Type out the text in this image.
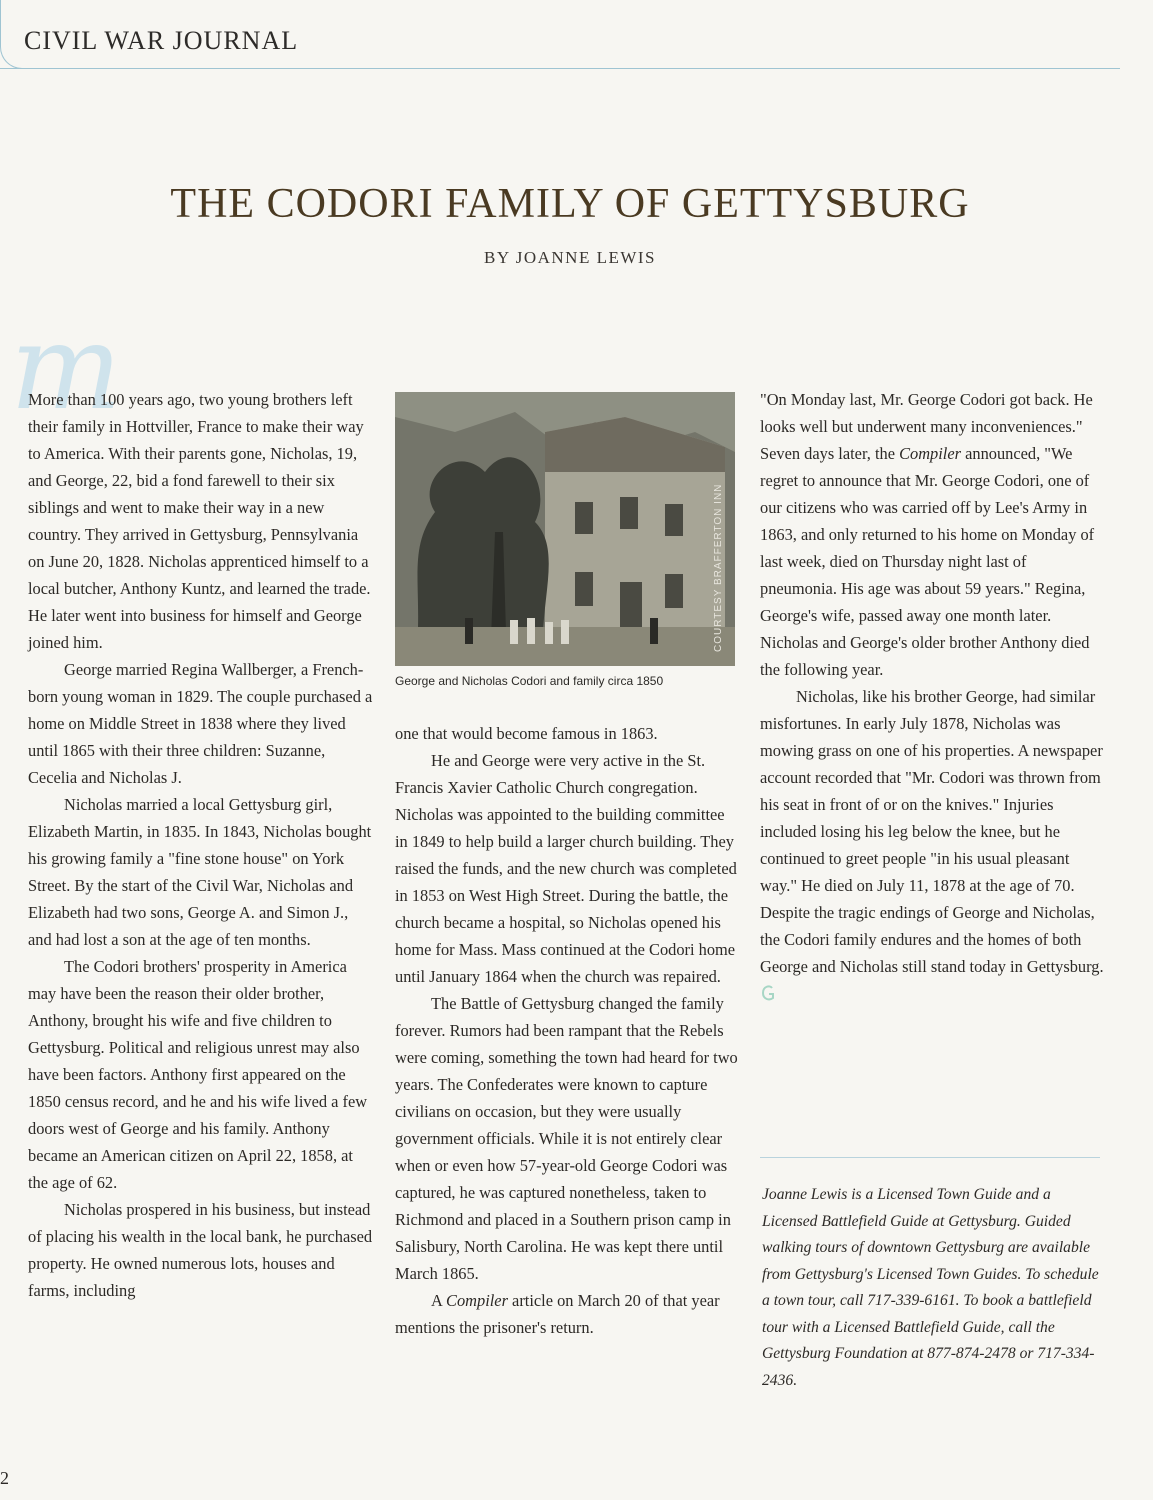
CIVIL WAR JOURNAL
THE CODORI FAMILY OF GETTYSBURG
BY JOANNE LEWIS
m

More than 100 years ago, two young brothers left their family in Hottviller, France to make their way to America. With their parents gone, Nicholas, 19, and George, 22, bid a fond farewell to their six siblings and went to make their way in a new country. They arrived in Gettysburg, Pennsylvania on June 20, 1828. Nicholas apprenticed himself to a local butcher, Anthony Kuntz, and learned the trade. He later went into business for himself and George joined him.

George married Regina Wallberger, a French-born young woman in 1829. The couple purchased a home on Middle Street in 1838 where they lived until 1865 with their three children: Suzanne, Cecelia and Nicholas J.

Nicholas married a local Gettysburg girl, Elizabeth Martin, in 1835. In 1843, Nicholas bought his growing family a "fine stone house" on York Street. By the start of the Civil War, Nicholas and Elizabeth had two sons, George A. and Simon J., and had lost a son at the age of ten months.

The Codori brothers' prosperity in America may have been the reason their older brother, Anthony, brought his wife and five children to Gettysburg. Political and religious unrest may also have been factors. Anthony first appeared on the 1850 census record, and he and his wife lived a few doors west of George and his family. Anthony became an American citizen on April 22, 1858, at the age of 62.

Nicholas prospered in his business, but instead of placing his wealth in the local bank, he purchased property. He owned numerous lots, houses and farms, including

COURTESY BRAFFERTON INN
George and Nicholas Codori and family circa 1850

one that would become famous in 1863.

He and George were very active in the St. Francis Xavier Catholic Church congregation. Nicholas was appointed to the building committee in 1849 to help build a larger church building. They raised the funds, and the new church was completed in 1853 on West High Street. During the battle, the church became a hospital, so Nicholas opened his home for Mass. Mass continued at the Codori home until January 1864 when the church was repaired.

The Battle of Gettysburg changed the family forever. Rumors had been rampant that the Rebels were coming, something the town had heard for two years. The Confederates were known to capture civilians on occasion, but they were usually government officials. While it is not entirely clear when or even how 57-year-old George Codori was captured, he was captured nonetheless, taken to Richmond and placed in a Southern prison camp in Salisbury, North Carolina. He was kept there until March 1865.

A Compiler article on March 20 of that year mentions the prisoner's return.

"On Monday last, Mr. George Codori got back. He looks well but underwent many inconveniences." Seven days later, the Compiler announced, "We regret to announce that Mr. George Codori, one of our citizens who was carried off by Lee's Army in 1863, and only returned to his home on Monday of last week, died on Thursday night last of pneumonia. His age was about 59 years." Regina, George's wife, passed away one month later. Nicholas and George's older brother Anthony died the following year.

Nicholas, like his brother George, had similar misfortunes. In early July 1878, Nicholas was mowing grass on one of his properties. A newspaper account recorded that "Mr. Codori was thrown from his seat in front of or on the knives." Injuries included losing his leg below the knee, but he continued to greet people "in his usual pleasant way." He died on July 11, 1878 at the age of 70. Despite the tragic endings of George and Nicholas, the Codori family endures and the homes of both George and Nicholas still stand today in Gettysburg.

Joanne Lewis is a Licensed Town Guide and a Licensed Battlefield Guide at Gettysburg. Guided walking tours of downtown Gettysburg are available from Gettysburg's Licensed Town Guides. To schedule a town tour, call 717-339-6161. To book a battlefield tour with a Licensed Battlefield Guide, call the Gettysburg Foundation at 877-874-2478 or 717-334-2436.
2
